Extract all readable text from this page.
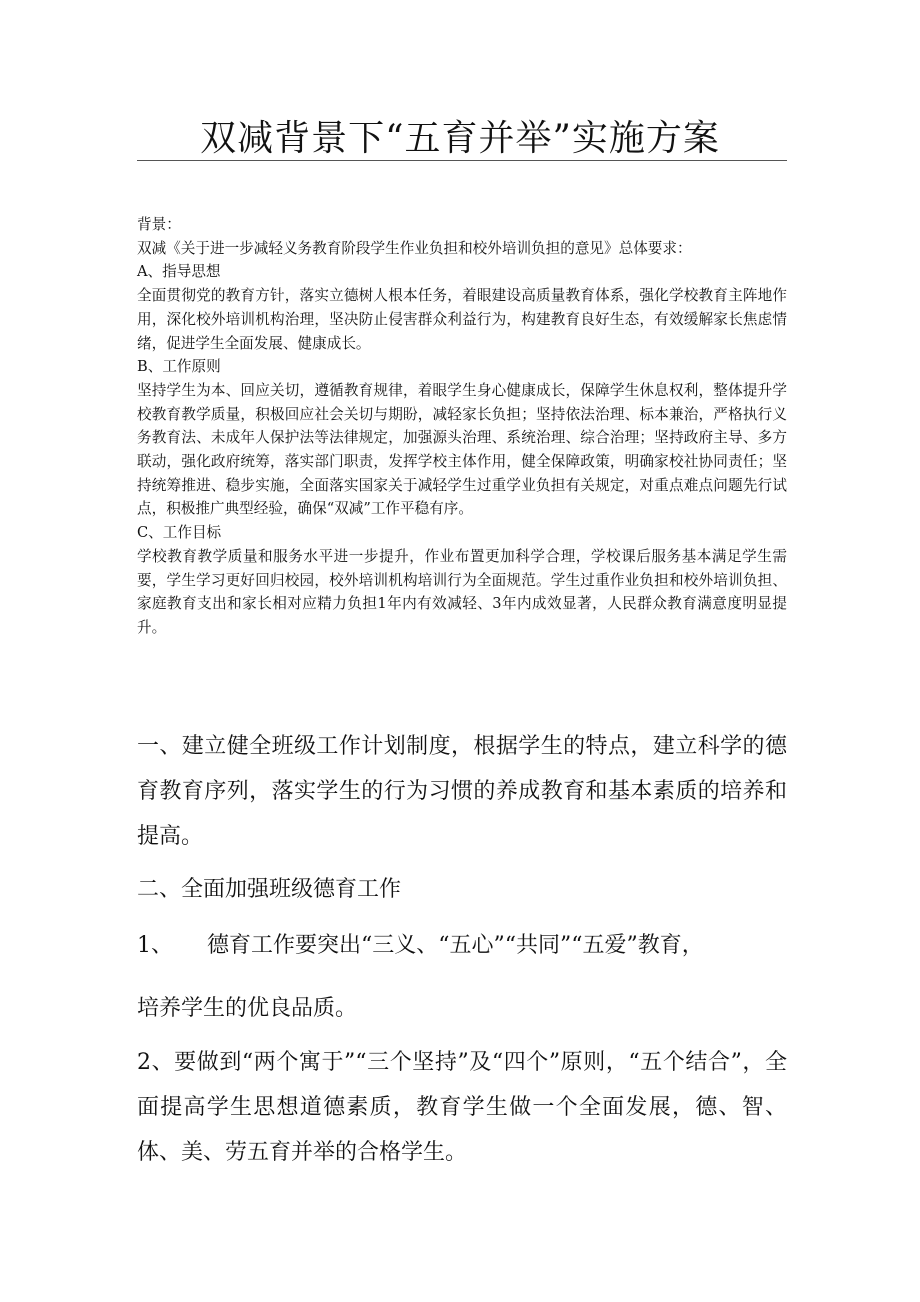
双减背景下“五育并举”实施方案

背景：

双减《关于进一步减轻义务教育阶段学生作业负担和校外培训负担的意见》总体要求：

A、指导思想

全面贯彻党的教育方针，落实立德树人根本任务，着眼建设高质量教育体系，强化学校教育主阵地作用，深化校外培训机构治理，坚决防止侵害群众利益行为，构建教育良好生态，有效缓解家长焦虑情绪，促进学生全面发展、健康成长。

B、工作原则

坚持学生为本、回应关切，遵循教育规律，着眼学生身心健康成长，保障学生休息权利，整体提升学校教育教学质量，积极回应社会关切与期盼，减轻家长负担；坚持依法治理、标本兼治，严格执行义务教育法、未成年人保护法等法律规定，加强源头治理、系统治理、综合治理；坚持政府主导、多方联动，强化政府统筹，落实部门职责，发挥学校主体作用，健全保障政策，明确家校社协同责任；坚持统筹推进、稳步实施，全面落实国家关于减轻学生过重学业负担有关规定，对重点难点问题先行试点，积极推广典型经验，确保“双减”工作平稳有序。

C、工作目标

学校教育教学质量和服务水平进一步提升，作业布置更加科学合理，学校课后服务基本满足学生需要，学生学习更好回归校园，校外培训机构培训行为全面规范。学生过重作业负担和校外培训负担、家庭教育支出和家长相对应精力负担1年内有效减轻、3年内成效显著，人民群众教育满意度明显提升。

一、建立健全班级工作计划制度，根据学生的特点，建立科学的德育教育序列，落实学生的行为习惯的养成教育和基本素质的培养和提高。

二、全面加强班级德育工作

1、 德育工作要突出“三义、“五心”“共同”“五爱”教育，

培养学生的优良品质。

2、要做到“两个寓于”“三个坚持”及“四个”原则，“五个结合”，全面提高学生思想道德素质，教育学生做一个全面发展，德、智、体、美、劳五育并举的合格学生。
